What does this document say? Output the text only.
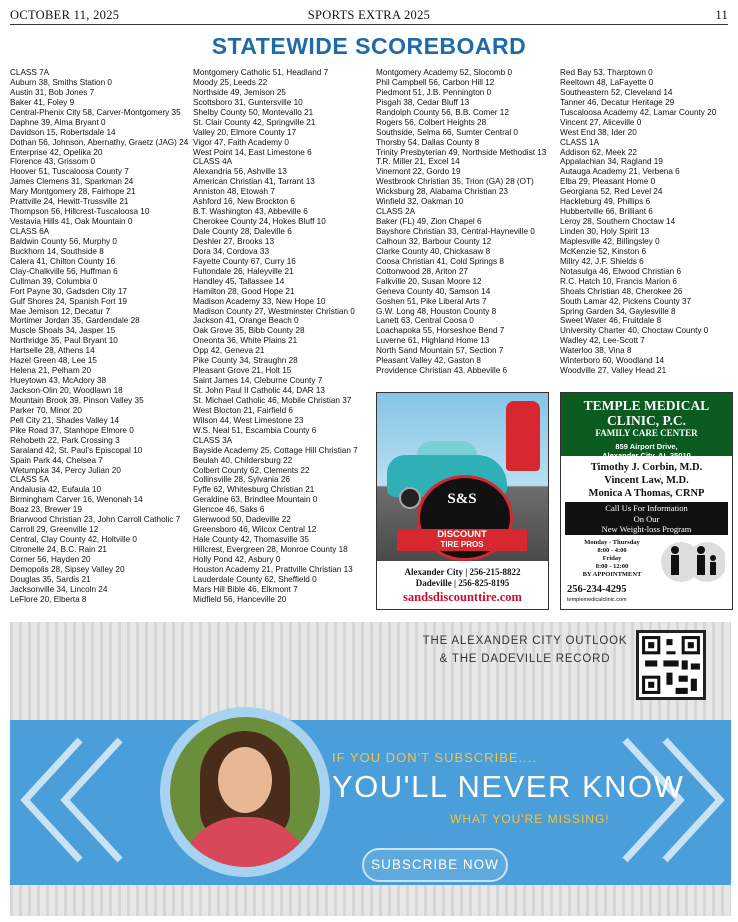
OCTOBER 11, 2025	SPORTS EXTRA 2025	11
STATEWIDE SCOREBOARD
CLASS 7A
Auburn 38, Smiths Station 0
Austin 31, Bob Jones 7
Baker 41, Foley 9
Central-Phenix City 58, Carver-Montgomery 35
Daphne 39, Alma Bryant 0
Davidson 15, Robertsdale 14
Dothan 56, Johnson, Abernathy, Graetz (JAG) 24
Enterprise 42, Opelika 20
Florence 43, Grissom 0
Hoover 51, Tuscaloosa County 7
James Clemens 31, Sparkman 24
Mary Montgomery 28, Fairhope 21
Prattville 24, Hewitt-Trussville 21
Thompson 56, Hillcrest-Tuscaloosa 10
Vestavia Hills 41, Oak Mountain 0
CLASS 6A
Baldwin County 56, Murphy 0
Buckhorn 14, Southside 8
Calera 41, Chilton County 16
Clay-Chalkville 56, Huffman 6
Cullman 39, Columbia 0
Fort Payne 30, Gadsden City 17
Gulf Shores 24, Spanish Fort 19
Mae Jemison 12, Decatur 7
Mortimer Jordan 35, Gardendale 28
Muscle Shoals 34, Jasper 15
Northridge 35, Paul Bryant 10
Hartselle 28, Athens 14
Hazel Green 48, Lee 15
Helena 21, Pelham 20
Hueytown 43, McAdory 38
Jackson-Olin 20, Woodlawn 18
Mountain Brook 39, Pinson Valley 35
Parker 70, Minor 20
Pell City 21, Shades Valley 14
Pike Road 37, Stanhope Elmore 0
Rehobeth 22, Park Crossing 3
Saraland 42, St. Paul's Episcopal 10
Spain Park 44, Chelsea 7
Wetumpka 34, Percy Julian 20
CLASS 5A
Andalusia 42, Eufaula 10
Birmingham Carver 16, Wenonah 14
Boaz 23, Brewer 19
Briarwood Christian 23, John Carroll Catholic 7
Carroll 29, Greenville 12
Central, Clay County 42, Holtville 0
Citronelle 24, B.C. Rain 21
Corner 56, Hayden 20
Demopolis 28, Sipsey Valley 20
Douglas 35, Sardis 21
Jacksonville 34, Lincoln 24
LeFlore 20, Elberta 8
Montgomery Catholic 51, Headland 7
Moody 25, Leeds 22
Northside 49, Jemison 25
Scottsboro 31, Guntersville 10
Shelby County 50, Montevallo 21
St. Clair County 42, Springville 21
Valley 20, Elmore County 17
Vigor 47, Faith Academy 0
West Point 14, East Limestone 6
CLASS 4A
Alexandria 56, Ashville 13
American Christian 41, Tarrant 13
Anniston 48, Etowah 7
Ashford 16, New Brockton 6
B.T. Washington 43, Abbeville 6
Cherokee County 24, Hokes Bluff 10
Dale County 28, Daleville 6
Deshler 27, Brooks 13
Dora 34, Cordova 33
Fayette County 67, Curry 16
Fultondale 26, Haleyville 21
Handley 45, Tallassee 14
Hamilton 28, Good Hope 21
Madison Academy 33, New Hope 10
Madison County 27, Westminster Christian 0
Jackson 41, Orange Beach 0
Oak Grove 35, Bibb County 28
Oneonta 36, White Plains 21
Opp 42, Geneva 21
Pike County 34, Straughn 28
Pleasant Grove 21, Holt 15
Saint James 14, Cleburne County 7
St. John Paul II Catholic 44, DAR 13
St. Michael Catholic 46, Mobile Christian 37
West Blocton 21, Fairfield 6
Wilson 44, West Limestone 23
W.S. Neal 51, Escambia County 6
CLASS 3A
Bayside Academy 25, Cottage Hill Christian 7
Beulah 40, Childersburg 22
Colbert County 62, Clements 22
Collinsville 28, Sylvania 26
Fyffe 62, Whitesburg Christian 21
Geraldine 63, Brindlee Mountain 0
Glencoe 46, Saks 6
Glenwood 50, Dadeville 22
Greensboro 46, Wilcox Central 12
Hale County 42, Thomasville 35
Hillcrest, Evergreen 28, Monroe County 18
Holly Pond 42, Asbury 0
Houston Academy 21, Prattville Christian 13
Lauderdale County 62, Sheffield 0
Mars Hill Bible 46, Elkmont 7
Midfield 56, Hanceville 20
Montgomery Academy 52, Slocomb 0
Phil Campbell 56, Carbon Hill 12
Piedmont 51, J.B. Pennington 0
Pisgah 38, Cedar Bluff 13
Randolph County 56, B.B. Comer 12
Rogers 56, Colbert Heights 28
Southside, Selma 66, Sumter Central 0
Thorsby 54, Dallas County 8
Trinity Presbyterian 49, Northside Methodist 13
T.R. Miller 21, Excel 14
Vinemont 22, Gordo 19
Westbrook Christian 35, Trion (GA) 28 (OT)
Wicksburg 28, Alabama Christian 23
Winfield 32, Oakman 10
CLASS 2A
Baker (FL) 49, Zion Chapel 6
Bayshore Christian 33, Central-Hayneville 0
Calhoun 32, Barbour County 12
Clarke County 40, Chickasaw 8
Coosa Christian 41, Cold Springs 8
Cottonwood 28, Ariton 27
Falkville 20, Susan Moore 12
Geneva County 40, Samson 14
Goshen 51, Pike Liberal Arts 7
G.W. Long 48, Houston County 8
Lanett 63, Central Coosa 0
Loachapoka 55, Horseshoe Bend 7
Luverne 61, Highland Home 13
North Sand Mountain 57, Section 7
Pleasant Valley 42, Gaston 8
Providence Christian 43, Abbeville 6
Red Bay 53, Tharptown 0
Reeltown 48, LaFayette 0
Southeastern 52, Cleveland 14
Tanner 46, Decatur Heritage 29
Tuscaloosa Academy 42, Lamar County 20
Vincent 27, Aliceville 0
West End 38, Ider 20
CLASS 1A
Addison 62, Meek 22
Appalachian 34, Ragland 19
Autauga Academy 21, Verbena 6
Elba 29, Pleasant Home 0
Georgiana 52, Red Level 24
Hackleburg 49, Phillips 6
Hubbertville 66, Brilliant 6
Leroy 28, Southern Choctaw 14
Linden 30, Holy Spirit 13
Maplesville 42, Billingsley 0
McKenzie 52, Kinston 6
Millry 42, J.F. Shields 6
Notasulga 46, Elwood Christian 6
R.C. Hatch 10, Francis Marion 6
Shoals Christian 48, Cherokee 26
South Lamar 42, Pickens County 37
Spring Garden 34, Gaylesville 8
Sweet Water 46, Fruitdale 8
University Charter 40, Choctaw County 0
Wadley 42, Lee-Scott 7
Waterloo 38, Vina 8
Winterboro 60, Woodland 14
Woodville 27, Valley Head 21
S&S
DISCOUNT
TIRE PROS
Alexander City | 256-215-8822
Dadeville | 256-825-8195
sandsdiscounttire.com
TEMPLE MEDICAL CLINIC, P.C.
FAMILY CARE CENTER
859 Airport Drive,
Alexander City, AL 35010
Timothy J. Corbin, M.D.
Vincent Law, M.D.
Monica A Thomas, CRNP
Call Us For Information
On Our
New Weight-loss Program
Monday - Thursday
8:00 - 4:00
Friday
8:00 - 12:00
BY APPOINTMENT
256-234-4295
templemedicalclinic.com
THE ALEXANDER CITY OUTLOOK
& THE DADEVILLE RECORD
IF YOU DON'T SUBSCRIBE....
YOU'LL NEVER KNOW
WHAT YOU'RE MISSING!
SUBSCRIBE NOW
